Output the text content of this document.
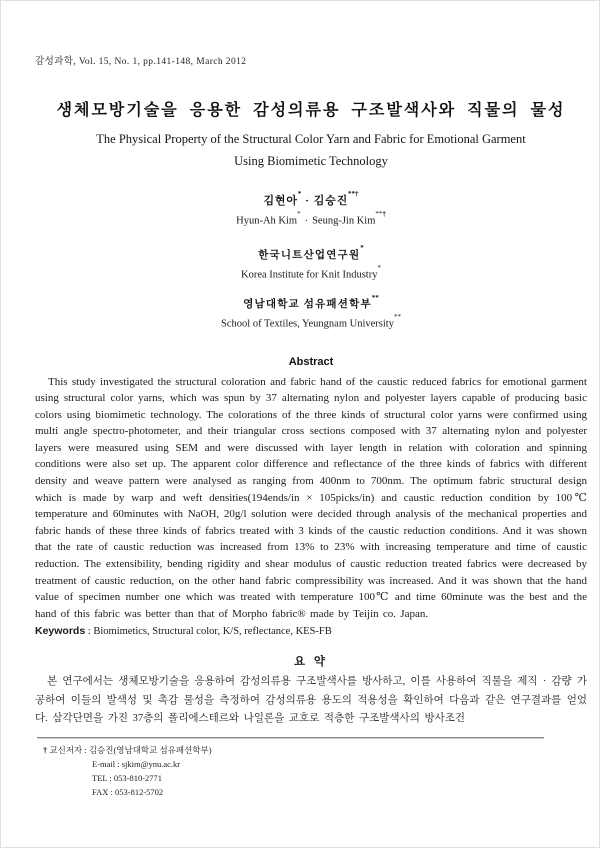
감성과학, Vol. 15, No. 1, pp.141-148, March 2012
생체모방기술을 응용한 감성의류용 구조발색사와 직물의 물성
The Physical Property of the Structural Color Yarn and Fabric for Emotional Garment
Using Biomimetic Technology
김현아*· 김승진**†
Hyun-Ah Kim*· Seung-Jin Kim**†
한국니트산업연구원*
Korea Institute for Knit Industry*
영남대학교 섬유패션학부**
School of Textiles, Yeungnam University**
Abstract
This study investigated the structural coloration and fabric hand of the caustic reduced fabrics for emotional garment using structural color yarns, which was spun by 37 alternating nylon and polyester layers capable of producing basic colors using biomimetic technology. The colorations of the three kinds of structural color yarns were confirmed using multi angle spectro-photometer, and their triangular cross sections composed with 37 alternating nylon and polyester layers were measured using SEM and were discussed with layer length in relation with coloration and spinning conditions were also set up. The apparent color difference and reflectance of the three kinds of fabrics with different density and weave pattern were analysed as ranging from 400nm to 700nm. The optimum fabric structural design which is made by warp and weft densities(194ends/in × 105picks/in) and caustic reduction condition by 100℃ temperature and 60minutes with NaOH, 20g/l solution were decided through analysis of the mechanical properties and fabric hands of these three kinds of fabrics treated with 3 kinds of the caustic reduction conditions. And it was shown that the rate of caustic reduction was increased from 13% to 23% with increasing temperature and time of caustic reduction. The extensibility, bending rigidity and shear modulus of caustic reduction treated fabrics were decreased by treatment of caustic reduction, on the other hand fabric compressibility was increased. And it was shown that the hand value of specimen number one which was treated with temperature 100℃ and time 60minute was the best and the hand of this fabric was better than that of Morpho fabric® made by Teijin co. Japan.
Keywords : Biomimetics, Structural color, K/S, reflectance, KES-FB
요 약
본 연구에서는 생체모방기술을 응용하여 감성의류용 구조발색사를 방사하고, 이를 사용하여 직물을 제직 · 감량 가공하여 이들의 발색성 및 촉감 물성을 측정하여 감성의류용 용도의 적용성을 확인하여 다음과 같은 연구결과를 얻었다. 삼각단면을 가진 37층의 폴리에스테르와 나일론을 교호로 적층한 구조발색사의 방사조건
† 교신저자 : 김승진(영남대학교 섬유패션학부)
E-mail : sjkim@ynu.ac.kr
TEL : 053-810-2771
FAX : 053-812-5702
